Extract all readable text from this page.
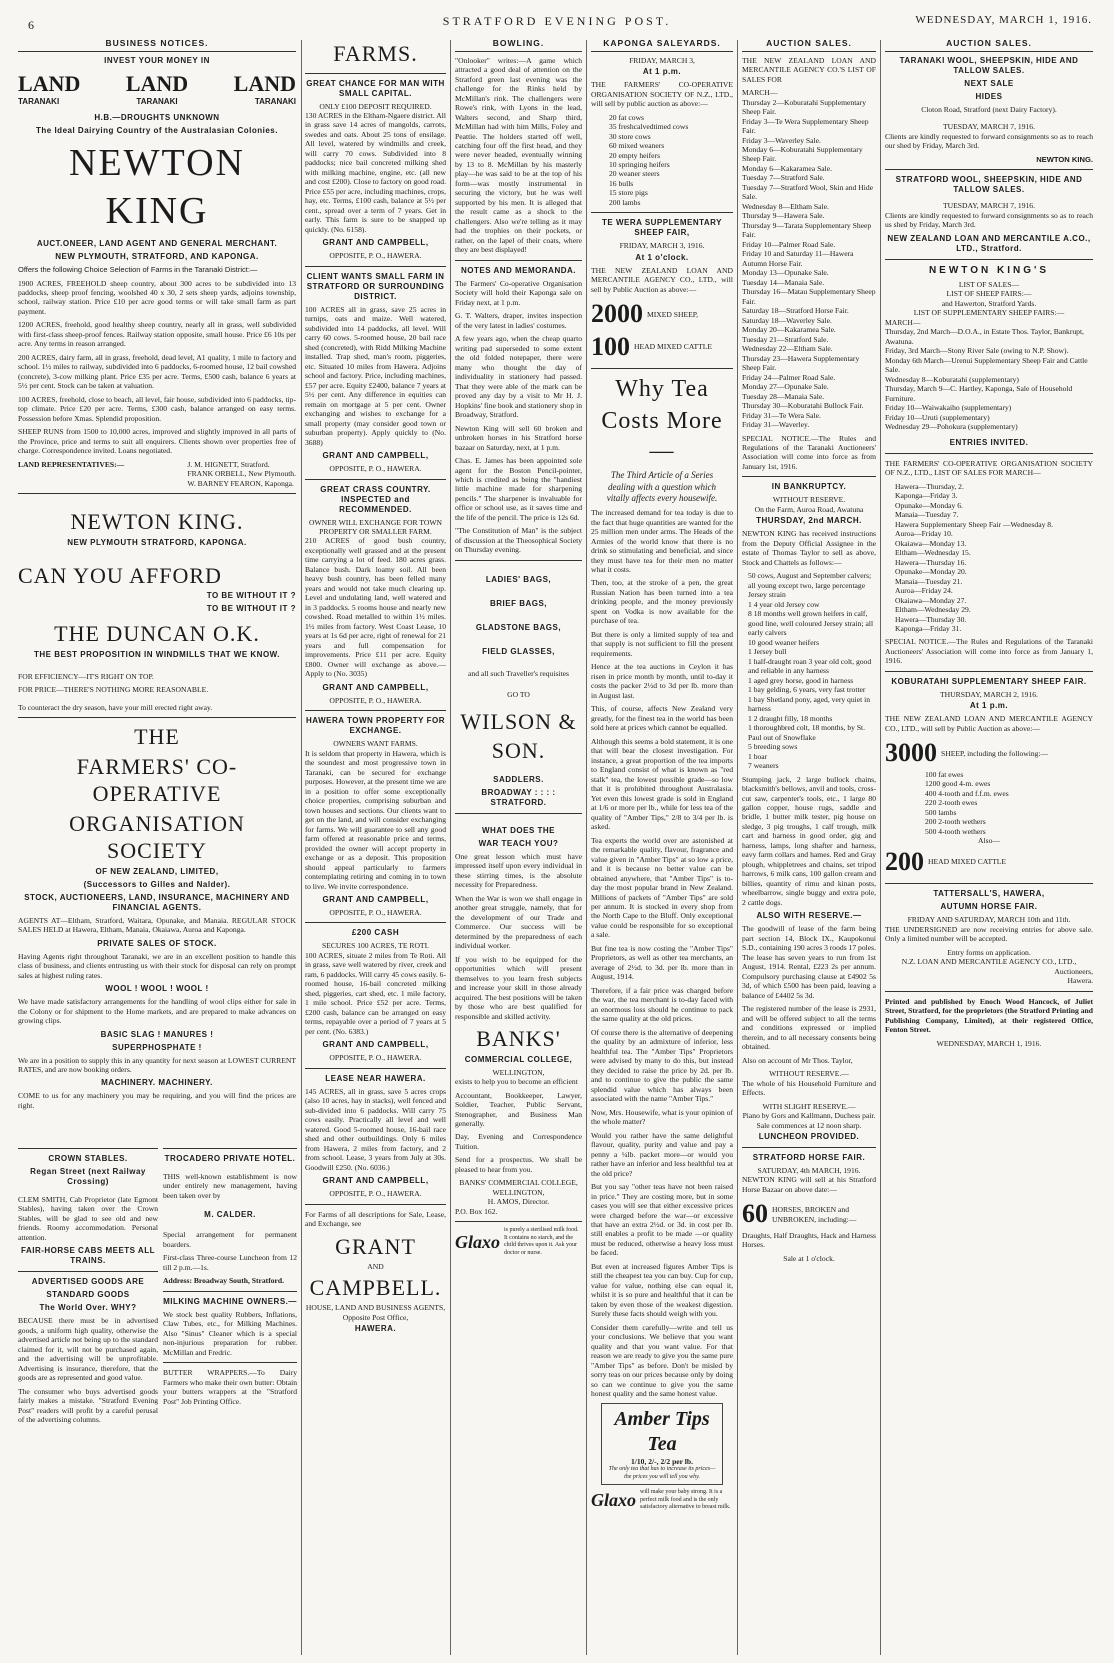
6	STRATFORD EVENING POST.	WEDNESDAY, MARCH 1, 1916.
BUSINESS NOTICES.
INVEST YOUR MONEY IN
LAND LAND LAND
TARANAKI	TARANAKI	TARANAKI
H.B.—DROUGHTS UNKNOWN
The Ideal Dairying Country of the Australasian Colonies.
NEWTON KING
AUCT.ONEER, LAND AGENT AND GENERAL MERCHANT.
NEW PLYMOUTH, STRATFORD, AND KAPONGA.

Offers the following Choice Selection of Farms in the Taranaki District:—

1900 ACRES, FREEHOLD sheep country, about 300 acres to be subdivided into 13 paddocks, sheep proof fencing, woolshed 40 x 30, 2 sets sheep yards, adjoins township, school, railway station. Price £10 per acre good terms or will take small farm as part payment.

1200 ACRES, freehold, good healthy sheep country, nearly all in grass, well subdivided with first-class sheep-proof fences. Railway station opposite, small house. Price £6 10s per acre. Any terms in reason arranged.

200 ACRES, dairy farm, all in grass, freehold, dead level, A1 quality, 1 mile to factory and school. 1½ miles to railway, subdivided into 6 paddocks, 6-roomed house, 12 bail cowshed (concrete), 3-cow milking plant. Price £35 per acre. Terms, £500 cash, balance 6 years at 5½ per cent. Stock can be taken at valuation.

100 ACRES, freehold, close to beach, all level, fair house, subdivided into 6 paddocks, tip-top climate. Price £20 per acre. Terms, £300 cash, balance arranged on easy terms. Possession before Xmas. Splendid proposition.

SHEEP RUNS from 1500 to 10,000 acres, improved and slightly improved in all parts of the Province, price and terms to suit all enquirers. Clients shown over properties free of charge. Correspondence invited. Loans negotiated.

LAND REPRESENTATIVES:—	J. M. HIGNETT, Stratford.
FRANK ORBELL, New Plymouth.
W. BARNEY FEARON, Kaponga.
NEWTON KING.
NEW PLYMOUTH STRATFORD, KAPONGA.
CAN YOU AFFORD
TO BE WITHOUT IT ?
TO BE WITHOUT IT ?
THE DUNCAN O.K.
THE BEST PROPOSITION IN WINDMILLS THAT WE KNOW.

FOR EFFICIENCY—IT'S RIGHT ON TOP.

FOR PRICE—THERE'S NOTHING MORE REASONABLE.

To counteract the dry season, have your mill erected right away.

THE
FARMERS' CO-OPERATIVE
ORGANISATION SOCIETY
OF NEW ZEALAND, LIMITED,
(Successors to Gilles and Nalder).
STOCK, AUCTIONEERS, LAND, INSURANCE, MACHINERY AND FINANCIAL AGENTS.

AGENTS AT—Eltham, Stratford, Waitara, Opunake, and Manaia. REGULAR STOCK SALES HELD at Hawera, Eltham, Manaia, Okaiawa, Auroa and Kaponga.

PRIVATE SALES OF STOCK.

Having Agents right throughout Taranaki, we are in an excellent position to handle this class of business, and clients entrusting us with their stock for disposal can rely on prompt sales at highest ruling rates.

WOOL ! WOOL ! WOOL !

We have made satisfactory arrangements for the handling of wool clips either for sale in the Colony or for shipment to the Home markets, and are prepared to make advances on growing clips.

BASIC SLAG ! MANURES !
SUPERPHOSPHATE !

We are in a position to supply this in any quantity for next season at LOWEST CURRENT RATES, and are now booking orders.

MACHINERY. MACHINERY.

COME to us for any machinery you may be requiring, and you will find the prices are right.

CROWN STABLES.
Regan Street (next Railway Crossing)

CLEM SMITH, Cab Proprietor (late Egmont Stables), having taken over the Crown Stables, will be glad to see old and new friends. Roomy accommodation. Personal attention.

FAIR-HORSE CABS MEETS ALL TRAINS.
ADVERTISED GOODS ARE
STANDARD GOODS
The World Over. WHY?

BECAUSE there must be in advertised goods, a uniform high quality, otherwise the advertised article not being up to the standard claimed for it, will not be purchased again, and the advertising will be unprofitable. Advertising is insurance, therefore, that the goods are as represented and good value.

The consumer who buys advertised goods fairly makes a mistake. "Stratford Evening Post" readers will profit by a careful perusal of the advertising columns.

TROCADERO PRIVATE HOTEL.

THIS well-known establishment is now under entirely new management, having been taken over by

M. CALDER.

Special arrangement for permanent boarders.

First-class Three-course Luncheon from 12 till 2 p.m.—1s.

Address: Broadway South, Stratford.

MILKING MACHINE OWNERS.—

We stock best quality Rubbers, Inflations, Claw Tubes, etc., for Milking Machines. Also "Sinus" Cleaner which is a special non-injurious preparation for rubber. McMillan and Fredric.

BUTTER WRAPPERS.—To Dairy Farmers who make their own butter: Obtain your butters wrappers at the "Stratford Post" Job Printing Office.

FARMS.
GREAT CHANCE FOR MAN WITH SMALL CAPITAL.
ONLY £100 DEPOSIT REQUIRED.

130 ACRES in the Eltham-Ngaere district. All in grass save 14 acres of mangolds, carrots, swedes and oats. About 25 tons of ensilage. All level, watered by windmills and creek, will carry 70 cows. Subdivided into 8 paddocks; nice bail concreted milking shed with milking machine, engine, etc. (all new and cost £200). Close to factory on good road. Price £55 per acre, including machines, crops, hay, etc. Terms, £100 cash, balance at 5½ per cent., spread over a term of 7 years. Get in early. This farm is sure to be snapped up quickly. (No. 6158).

GRANT AND CAMPBELL,
OPPOSITE, P. O., HAWERA.
CLIENT WANTS SMALL FARM IN STRATFORD OR SURROUNDING DISTRICT.

100 ACRES all in grass, save 25 acres in turnips, oats and maize. Well watered, subdivided into 14 paddocks, all level. Will carry 60 cows. 5-roomed house, 20 bail race shed (concreted), with Ridd Milking Machine installed. Trap shed, man's room, piggeries, etc. Situated 10 miles from Hawera. Adjoins school and factory. Price, including machines, £57 per acre. Equity £2400, balance 7 years at 5½ per cent. Any difference in equities can remain on mortgage at 5 per cent. Owner exchanging and wishes to exchange for a small property (may consider good town or suburban property). Apply quickly to (No. 3688)

GRANT AND CAMPBELL,
OPPOSITE, P. O., HAWERA.
GREAT CRASS COUNTRY. INSPECTED and RECOMMENDED.
OWNER WILL EXCHANGE FOR TOWN PROPERTY OR SMALLER FARM.

210 ACRES of good bush country, exceptionally well grassed and at the present time carrying a lot of feed. 180 acres grass. Balance bush. Dark loamy soil. All been heavy bush country, has been felled many years and would not take much clearing up. Level and undulating land, well watered and in 3 paddocks. 5 rooms house and nearly new cowshed. Road metalled to within 1½ miles. 1½ miles from factory. West Coast Lease, 10 years at 1s 6d per acre, right of renewal for 21 years and full compensation for improvements. Price £11 per acre. Equity £800. Owner will exchange as above.— Apply to (No. 3035)

GRANT AND CAMPBELL,
OPPOSITE, P. O., HAWERA.
HAWERA TOWN PROPERTY FOR EXCHANGE.
OWNERS WANT FARMS.

It is seldom that property in Hawera, which is the soundest and most progressive town in Taranaki, can be secured for exchange purposes. However, at the present time we are in a position to offer some exceptionally choice properties, comprising suburban and town houses and sections. Our clients want to get on the land, and will consider exchanging for farms. We will guarantee to sell any good farm offered at reasonable price and terms, provided the owner will accept property in exchange or as a deposit. This proposition should appeal particularly to farmers contemplating retiring and coming in to town to live. We invite correspondence.

GRANT AND CAMPBELL,
OPPOSITE, P. O., HAWERA.
£200 CASH
SECURES 100 ACRES, TE ROTI.

100 ACRES, situate 2 miles from Te Roti. All in grass, save well watered by river, creek and ram, 6 paddocks. Will carry 45 cows easily. 6-roomed house, 16-bail concreted milking shed, piggeries, cart shed, etc. 1 mile factory, 1 mile school. Price £52 per acre. Terms, £200 cash, balance can be arranged on easy terms, repayable over a period of 7 years at 5 per cent. (No. 6383.)

GRANT AND CAMPBELL,
OPPOSITE, P. O., HAWERA.
LEASE NEAR HAWERA.

145 ACRES, all in grass, save 5 acres crops (also 10 acres, hay in stacks), well fenced and sub-divided into 6 paddocks. Will carry 75 cows easily. Practically all level and well watered. Good 5-roomed house, 16-bail race shed and other outbuildings. Only 6 miles from Hawera, 2 miles from factory, and 2 from school. Lease, 3 years from July at 30s. Goodwill £250. (No. 6036.)

GRANT AND CAMPBELL,
OPPOSITE, P. O., HAWERA.

For Farms of all descriptions for Sale, Lease, and Exchange, see

GRANT
AND
CAMPBELL.
HOUSE, LAND AND BUSINESS AGENTS,
Opposite Post Office,
HAWERA.
BOWLING.

"Onlooker" writes:—A game which attracted a good deal of attention on the Stratford green last evening was the challenge for the Rinks held by McMillan's rink. The challengers were Rowe's rink, with Lyons in the lead, Walters second, and Sharp third, McMillan had with him Mills, Foley and Peattie. The holders started off well, catching four off the first head, and they were never headed, eventually winning by 13 to 8. McMillan by his masterly play—he was said to be at the top of his form—was mostly instrumental in securing the victory, but he was well supported by his men. It is alleged that the result came as a shock to the challengers. Also we're telling as it may had the trophies on their pockets, or rather, on the lapel of their coats, where they are best displayed!

NOTES AND MEMORANDA.

The Farmers' Co-operative Organisation Society will hold their Kaponga sale on Friday next, at 1 p.m.

G. T. Walters, draper, invites inspection of the very latest in ladies' costumes.

A few years ago, when the cheap quarto writing pad superseded to some extent the old folded notepaper, there were many who thought the day of individuality in stationery had passed. That they were able of the mark can be proved any day by a visit to Mr H. J. Hopkins' fine book and stationery shop in Broadway, Stratford.

Newton King will sell 60 broken and unbroken horses in his Stratford horse bazaar on Saturday, next, at 1 p.m.

Chas. E. James has been appointed sole agent for the Boston Pencil-pointer, which is credited as being the "handiest little machine made for sharpening pencils." The sharpener is invaluable for office or school use, as it saves time and the life of the pencil. The price is 12s 6d.

"The Constitution of Man" is the subject of discussion at the Theosophical Society on Thursday evening.

LADIES' BAGS,
BRIEF BAGS,
GLADSTONE BAGS,
FIELD GLASSES,
and all such Traveller's requisites
GO TO
WILSON &
SON.
SADDLERS.
BROADWAY : : : : STRATFORD.
WHAT DOES THE
WAR TEACH YOU?

One great lesson which must have impressed itself upon every individual in these stirring times, is the absolute necessity for Preparedness.

When the War is won we shall engage in another great struggle, namely, that for the development of our Trade and Commerce. Our success will be determined by the preparedness of each individual worker.

If you wish to be equipped for the opportunities which will present themselves to you learn fresh subjects and increase your skill in those already acquired. The best positions will be taken by those who are best qualified for responsible and skilled activity.

BANKS'
COMMERCIAL COLLEGE,
WELLINGTON,

exists to help you to become an efficient

Accountant, Bookkeeper, Lawyer, Soldier, Teacher, Public Servant, Stenographer, and Business Man generally.

Day, Evening and Correspondence Tuition.

Send for a prospectus. We shall be pleased to hear from you.

BANKS' COMMERCIAL COLLEGE,
WELLINGTON,
H. AMOS, Director.

P.O. Box 162.

Glaxo
is purely a sterilised milk food. It contains no starch, and the child thrives upon it. Ask your doctor or nurse.
KAPONGA SALEYARDS.
FRIDAY, MARCH 3,
At 1 p.m.

THE FARMERS' CO-OPERATIVE ORGANISATION SOCIETY OF N.Z., LTD., will sell by public auction as above:—

20 fat cows
35 freshcalvedtimed cows
30 store cows
60 mixed weaners
20 empty heifers
10 springing heifers
20 weaner steers
16 bulls
15 store pigs
200 lambs
TE WERA SUPPLEMENTARY SHEEP FAIR,
FRIDAY, MARCH 3, 1916.
At 1 o'clock.

THE NEW ZEALAND LOAN AND MERCANTILE AGENCY CO., LTD., will sell by Public Auction as above:—

2000 MIXED SHEEP,
100 HEAD MIXED CATTLE
Why Tea
Costs More—
The Third Article of a Series dealing with a question which vitally affects every housewife.

The increased demand for tea today is due to the fact that huge quantities are wanted for the 25 million men under arms. The Heads of the Armies of the world know that there is no drink so stimulating and beneficial, and since they must have tea for their men no matter what it costs.

Then, too, at the stroke of a pen, the great Russian Nation has been turned into a tea drinking people, and the money previously spent on Vodka is now available for the purchase of tea.

But there is only a limited supply of tea and that supply is not sufficient to fill the present requirements.

Hence at the tea auctions in Ceylon it has risen in price month by month, until to-day it costs the packer 2½d to 3d per lb. more than in August last.

This, of course, affects New Zealand very greatly, for the finest tea in the world has been sold here at prices which cannot be equalled.

Although this seems a bold statement, it is one that will bear the closest investigation. For instance, a great proportion of the tea imports to England consist of what is known as "red stalk" tea, the lowest possible grade—so low that it is prohibited throughout Australasia. Yet even this lowest grade is sold in England at 1/6 or more per lb., while for less tea of the quality of "Amber Tips," 2/8 to 3/4 per lb. is asked.

Tea experts the world over are astonished at the remarkable quality, flavour, fragrance and value given in "Amber Tips" at so low a price, and it is because no better value can be obtained anywhere, that "Amber Tips" is to-day the most popular brand in New Zealand. Millions of packets of "Amber Tips" are sold per annum. It is stocked in every shop from the North Cape to the Bluff. Only exceptional value could be responsible for so exceptional a sale.

But fine tea is now costing the "Amber Tips" Proprietors, as well as other tea merchants, an average of 2½d. to 3d. per lb. more than in August, 1914.

Therefore, if a fair price was charged before the war, the tea merchant is to-day faced with an enormous loss should he continue to pack the same quality at the old prices.

Of course there is the alternative of deepening the quality by an admixture of inferior, less healthful tea. The "Amber Tips" Proprietors were advised by many to do this, but instead they decided to raise the price by 2d. per lb. and to continue to give the public the same splendid value which has always been associated with the name "Amber Tips."

Now, Mrs. Housewife, what is your opinion of the whole matter?

Would you rather have the same delightful flavour, quality, purity and value and pay a penny a ¼lb. packet more—or would you rather have an inferior and less healthful tea at the old price?

But you say "other teas have not been raised in price." They are costing more, but in some cases you will see that either excessive prices were charged before the war—or excessive that have an extra 2½d. or 3d. in cost per lb. still enables a profit to be made —or quality must be reduced, otherwise a heavy loss must be faced.

But even at increased figures Amber Tips is still the cheapest tea you can buy. Cup for cup, value for value, nothing else can equal it, whilst it is so pure and healthful that it can be taken by even those of the weakest digestion. Surely these facts should weigh with you.

Consider them carefully—write and tell us your conclusions. We believe that you want quality and that you want value. For that reason we are ready to give you the same pure "Amber Tips" as before. Don't be misled by sorry teas on our prices because only by doing so can we continue to give you the same honest quality and the same honest value.

Amber Tips Tea
1/10, 2/-, 2/2 per lb.
The only tea that has to increase its prices—the prices you will tell you why.
Glaxo will make your baby strong. It is a perfect milk food and is the only satisfactory alternative to breast milk.
AUCTION SALES.

THE NEW ZEALAND LOAN AND MERCANTILE AGENCY CO.'S LIST OF SALES FOR

MARCH—
Thursday 2—Koburatahi Supplementary Sheep Fair.
Friday 3—Te Wera Supplementary Sheep Fair.
Friday 3—Waverley Sale.
Monday 6—Koburatahi Supplementary Sheep Fair.
Monday 6—Kakaramea Sale.
Tuesday 7—Stratford Sale.
Tuesday 7—Stratford Wool, Skin and Hide Sale.
Wednesday 8—Eltham Sale.
Thursday 9—Hawera Sale.
Thursday 9—Tarata Supplementary Sheep Fair.
Friday 10—Palmer Road Sale.
Friday 10 and Saturday 11—Hawera Autumn Horse Fair.
Monday 13—Opunake Sale.
Tuesday 14—Manaia Sale.
Thursday 16—Matau Supplementary Sheep Fair.
Saturday 18—Stratford Horse Fair.
Saturday 18—Waverley Sale.
Monday 20—Kakaramea Sale.
Tuesday 21—Stratford Sale.
Wednesday 22—Eltham Sale.
Thursday 23—Hawera Supplementary Sheep Fair.
Friday 24—Palmer Road Sale.
Monday 27—Opunake Sale.
Tuesday 28—Manaia Sale.
Thursday 30—Koburatahi Bullock Fair.
Friday 31—Te Wera Sale.
Friday 31—Waverley.

SPECIAL NOTICE.—The Rules and Regulations of the Taranaki Auctioneers' Association will come into force as from January 1st, 1916.

IN BANKRUPTCY.
WITHOUT RESERVE.
On the Farm, Auroa Road, Awatuna
THURSDAY, 2nd MARCH.

NEWTON KING has received instructions from the Deputy Official Assignee in the estate of Thomas Taylor to sell as above, Stock and Chattels as follows:—

50 cows, August and September calvers; all young except two, large percentage Jersey strain
1 4 year old Jersey cow
8 18 months well grown heifers in calf, good line, well coloured Jersey strain; all early calvers
10 good weaner heifers
1 Jersey bull
1 half-draught roan 3 year old colt, good and reliable in any harness
1 aged grey horse, good in harness
1 bay gelding, 6 years, very fast trotter
1 bay Shetland pony, aged, very quiet in harness
1 2 draught filly, 18 months
1 thoroughbred colt, 18 months, by St. Paul out of Snowflake
5 breeding sows
1 boar
7 weaners

Stumping jack, 2 large bullock chains, blacksmith's bellows, anvil and tools, cross-cut saw, carpenter's tools, etc., 1 large 80 gallon copper, house rugs, saddle and bridle, 1 butter milk tester, pig house on sledge, 3 pig troughs, 1 calf trough, milk cart and harness in good order, gig and harness, lamps, long shafter and harness, eavy farm collars and hames. Red and Gray plough, whippletrees and chains, set tripod harrows, 6 milk cans, 100 gallon cream and billies, quantity of rimu and kinan posts, wheelbarrow, single buggy and extra pole, 2 cattle dogs.

ALSO WITH RESERVE.—

The goodwill of lease of the farm being part section 14, Block IX., Kaupokonui S.D., containing 190 acres 3 roods 17 poles. The lease has seven years to run from 1st August, 1914. Rental, £223 2s per annum. Compulsory purchasing clause at £4902 5s 3d, of which £500 has been paid, leaving a balance of £4402 5s 3d.

The registered number of the lease is 2931, and will be offered subject to all the terms and conditions expressed or implied therein, and to all necessary consents being obtained.

Also on account of Mr Thos. Taylor,

WITHOUT RESERVE.—

The whole of his Household Furniture and Effects.

WITH SLIGHT RESERVE.—
Piano by Gors and Kallmann, Duchess pair.
Sale commences at 12 noon sharp.
LUNCHEON PROVIDED.
STRATFORD HORSE FAIR.
SATURDAY, 4th MARCH, 1916.

NEWTON KING will sell at his Stratford Horse Bazaar on above date:—

60 HORSES, BROKEN and UNBROKEN, including:—

Draughts, Half Draughts, Hack and Harness Horses.

Sale at 1 o'clock.
AUCTION SALES.
TARANAKI WOOL, SHEEPSKIN, HIDE AND TALLOW SALES.
NEXT SALE
HIDES
Cloton Road, Stratford (next Dairy Factory).
TUESDAY, MARCH 7, 1916.

Clients are kindly requested to forward consignments so as to reach our shed by Friday, March 3rd.

NEWTON KING.
STRATFORD WOOL, SHEEPSKIN, HIDE AND TALLOW SALES.
TUESDAY, MARCH 7, 1916.

Clients are kindly requested to forward consignments so as to reach us shed by Friday, March 3rd.

NEW ZEALAND LOAN AND MERCANTILE A.CO., LTD., Stratford.
NEWTON KING'S
LIST OF SALES—
LIST OF SHEEP FAIRS:—
and Hawerton, Stratford Yards.
LIST OF SUPPLEMENTARY SHEEP FAIRS:—
MARCH—
Thursday, 2nd March—D.O.A., in Estate Thos. Taylor, Bankrupt, Awatuna.
Friday, 3rd March—Stony River Sale (owing to N.P. Show).
Monday 6th March—Urenui Supplementary Sheep Fair and Cattle Sale.
Wednesday 8—Koburatahi (supplementary)
Thursday, March 9—C. Hartley, Kaponga, Sale of Household Furniture.
Friday 10—Waiwakaiho (supplementary)
Friday 10—Uruti (supplementary)
Wednesday 29—Pohokura (supplementary)
ENTRIES INVITED.

THE FARMERS' CO-OPERATIVE ORGANISATION SOCIETY OF N.Z., LTD., LIST OF SALES FOR MARCH—

Hawera—Thursday, 2.
Kaponga—Friday 3.
Opunake—Monday 6.
Manaia—Tuesday 7.
Hawera Supplementary Sheep Fair —Wednesday 8.
Auroa—Friday 10.
Okaiawa—Monday 13.
Eltham—Wednesday 15.
Hawera—Thursday 16.
Opunake—Monday 20.
Manaia—Tuesday 21.
Auroa—Friday 24.
Okaiawa—Monday 27.
Eltham—Wednesday 29.
Hawera—Thursday 30.
Kaponga—Friday 31.

SPECIAL NOTICE.—The Rules and Regulations of the Taranaki Auctioneers' Association will come into force as from January 1, 1916.

KOBURATAHI SUPPLEMENTARY SHEEP FAIR.
THURSDAY, MARCH 2, 1916.
At 1 p.m.

THE NEW ZEALAND LOAN AND MERCANTILE AGENCY CO., LTD., will sell by Public Auction as above:—

3000 SHEEP, including the following:—
100 fat ewes
1200 good 4-m. ewes
400 4-tooth and f.f.m. ewes
220 2-tooth ewes
500 lambs
200 2-tooth wethers
500 4-tooth wethers
Also—
200 HEAD MIXED CATTLE
TATTERSALL'S, HAWERA,
AUTUMN HORSE FAIR.
FRIDAY AND SATURDAY, MARCH 10th and 11th.

THE UNDERSIGNED are now receiving entries for above sale. Only a limited number will be accepted.

Entry forms on application.
N.Z. LOAN AND MERCANTILE AGENCY CO., LTD.,
Auctioneers,
Hawera.

Printed and published by Enoch Wood Hancock, of Juliet Street, Stratford, for the proprietors (the Stratford Printing and Publishing Company, Limited), at their registered Office, Fenton Street.

WEDNESDAY, MARCH 1, 1916.
